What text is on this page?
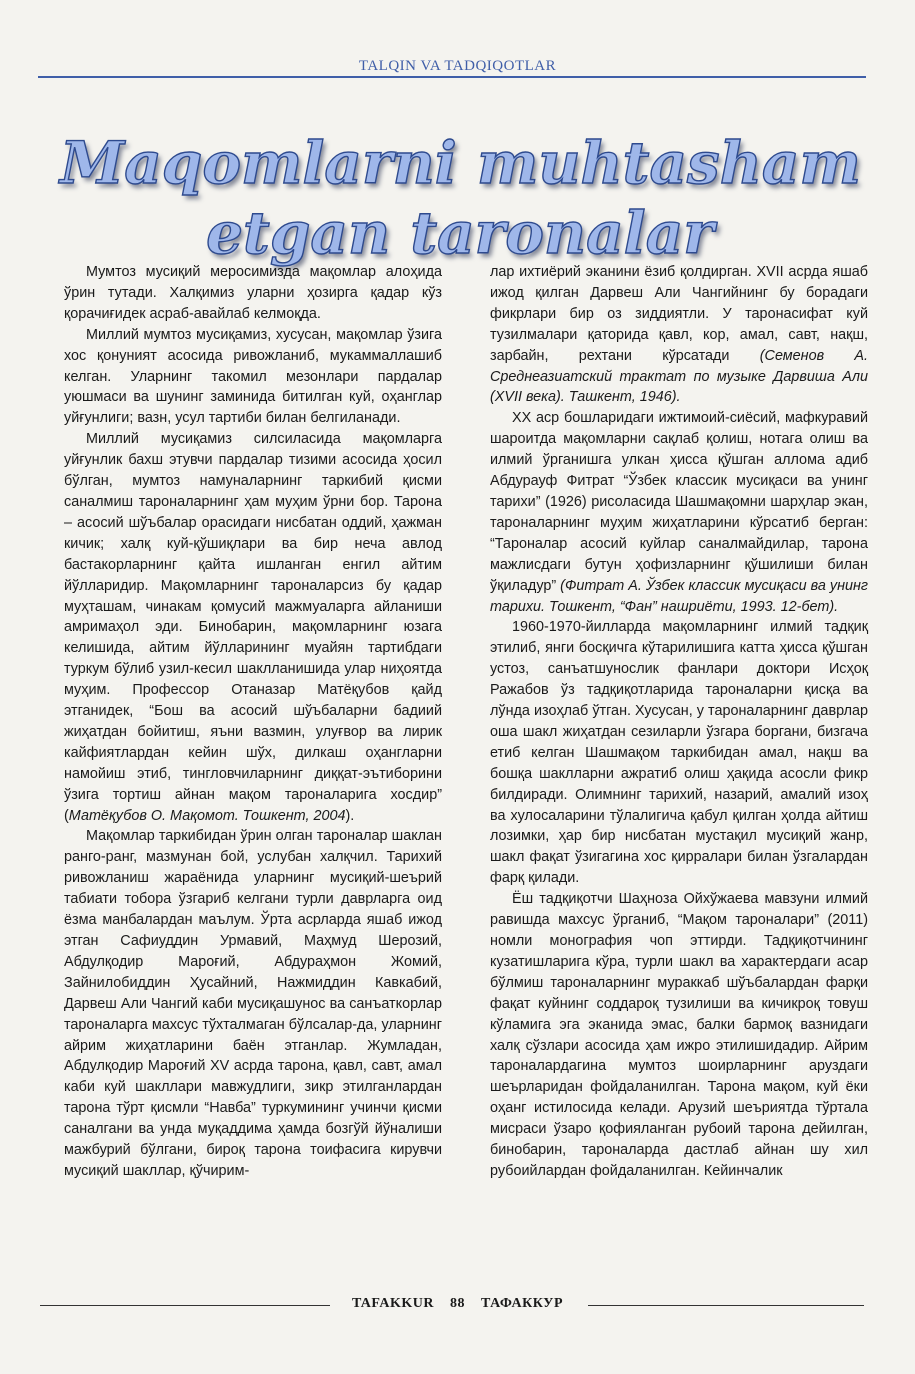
TALQIN VA TADQIQOTLAR
Maqomlarni muhtasham
etgan taronalar

Мумтоз мусиқий меросимизда мақомлар алоҳида ўрин тутади. Халқимиз уларни ҳозирга қадар кўз қорачиғидек асраб-авайлаб келмоқда.

Миллий мумтоз мусиқамиз, хусусан, мақомлар ўзига хос қонуният асосида ривожланиб, мукаммаллашиб келган. Уларнинг такомил мезонлари пардалар уюшмаси ва шунинг заминида битилган куй, оҳанглар уйғунлиги; вазн, усул тартиби билан белгиланади.

Миллий мусиқамиз силсиласида мақомларга уйғунлик бахш этувчи пардалар тизими асосида ҳосил бўлган, мумтоз намуналарнинг таркибий қисми саналмиш тароналарнинг ҳам муҳим ўрни бор. Тарона – асосий шўъбалар орасидаги нисбатан оддий, ҳажман кичик; халқ куй-қўшиқлари ва бир неча авлод бастакорларнинг қайта ишланган енгил айтим йўлларидир. Мақомларнинг тароналарсиз бу қадар муҳташам, чинакам қомусий мажмуаларга айланиши амримаҳол эди. Бинобарин, мақомларнинг юзага келишида, айтим йўлларининг муайян тартибдаги туркум бўлиб узил-кесил шаклланишида улар ниҳоятда муҳим. Профессор Отаназар Матёқубов қайд этганидек, “Бош ва асосий шўъбаларни бадиий жиҳатдан бойитиш, яъни вазмин, улуғвор ва лирик кайфиятлардан кейин шўх, дилкаш оҳангларни намойиш этиб, тингловчиларнинг диққат-эътиборини ўзига тортиш айнан мақом тароналарига хосдир” (Матёқубов О. Мақомот. Тошкент, 2004).

Мақомлар таркибидан ўрин олган тароналар шаклан ранго-ранг, мазмунан бой, услубан халқчил. Тарихий ривожланиш жараёнида уларнинг мусиқий-шеърий табиати тобора ўзгариб келгани турли даврларга оид ёзма манбалардан маълум. Ўрта асрларда яшаб ижод этган Сафиуддин Урмавий, Маҳмуд Шерозий, Абдулқодир Мароғий, Абдураҳмон Жомий, Зайнилобиддин Ҳусайний, Нажмиддин Кавкабий, Дарвеш Али Чангий каби мусиқашунос ва санъаткорлар тароналарга махсус тўхталмаган бўлсалар-да, уларнинг айрим жиҳатларини баён этганлар. Жумладан, Абдулқодир Мароғий XV асрда тарона, қавл, савт, амал каби куй шакллари мавжудлиги, зикр этилганлардан тарона тўрт қисмли “Навба” туркумининг учинчи қисми саналгани ва унда муқаддима ҳамда бозгўй йўналиши мажбурий бўлгани, бироқ тарона тоифасига кирувчи мусиқий шакллар, қўчирим-

лар ихтиёрий эканини ёзиб қолдирган. XVII асрда яшаб ижод қилган Дарвеш Али Чангийнинг бу борадаги фикрлари бир оз зиддиятли. У таронасифат куй тузилмалари қаторида қавл, кор, амал, савт, нақш, зарбайн, рехтани кўрсатади (Семенов А. Среднеазиатский трактат по музыке Дарвиша Али (XVII века). Ташкент, 1946).

XX аср бошларидаги ижтимоий-сиёсий, мафкуравий шароитда мақомларни сақлаб қолиш, нотага олиш ва илмий ўрганишга улкан ҳисса қўшган аллома адиб Абдурауф Фитрат “Ўзбек классик мусиқаси ва унинг тарихи” (1926) рисоласида Шашмақомни шарҳлар экан, тароналарнинг муҳим жиҳатларини кўрсатиб берган: “Тароналар асосий куйлар саналмайдилар, тарона мажлисдаги бутун ҳофизларнинг қўшилиши билан ўқиладур” (Фитрат А. Ўзбек классик мусиқаси ва унинг тарихи. Тошкент, “Фан” нашриёти, 1993. 12-бет).

1960-1970-йилларда мақомларнинг илмий тадқиқ этилиб, янги босқичга кўтарилишига катта ҳисса қўшган устоз, санъатшунослик фанлари доктори Исҳоқ Ражабов ўз тадқиқотларида тароналарни қисқа ва лўнда изоҳлаб ўтган. Хусусан, у тароналарнинг даврлар оша шакл жиҳатдан сезиларли ўзгара боргани, бизгача етиб келган Шашмақом таркибидан амал, нақш ва бошқа шаклларни ажратиб олиш ҳақида асосли фикр билдиради. Олимнинг тарихий, назарий, амалий изоҳ ва хулосаларини тўлалигича қабул қилган ҳолда айтиш лозимки, ҳар бир нисбатан мустақил мусиқий жанр, шакл фақат ўзигагина хос қирралари билан ўзгалардан фарқ қилади.

Ёш тадқиқотчи Шаҳноза Ойхўжаева мавзуни илмий равишда махсус ўрганиб, “Мақом тароналари” (2011) номли монография чоп эттирди. Тадқиқотчининг кузатишларига кўра, турли шакл ва характердаги асар бўлмиш тароналарнинг мураккаб шўъбалардан фарқи фақат куйнинг соддароқ тузилиши ва кичикроқ товуш кўламига эга эканида эмас, балки бармоқ вазнидаги халқ сўзлари асосида ҳам ижро этилишидадир. Айрим тароналардагина мумтоз шоирларнинг аруздаги шеърларидан фойдаланилган. Тарона мақом, куй ёки оҳанг истилосида келади. Арузий шеъриятда тўртала мисраси ўзаро қофияланган рубоий тарона дейилган, бинобарин, тароналарда дастлаб айнан шу хил рубоийлардан фойдаланилган. Кейинчалик

TAFAKKUR 88 ТАФАККУР
